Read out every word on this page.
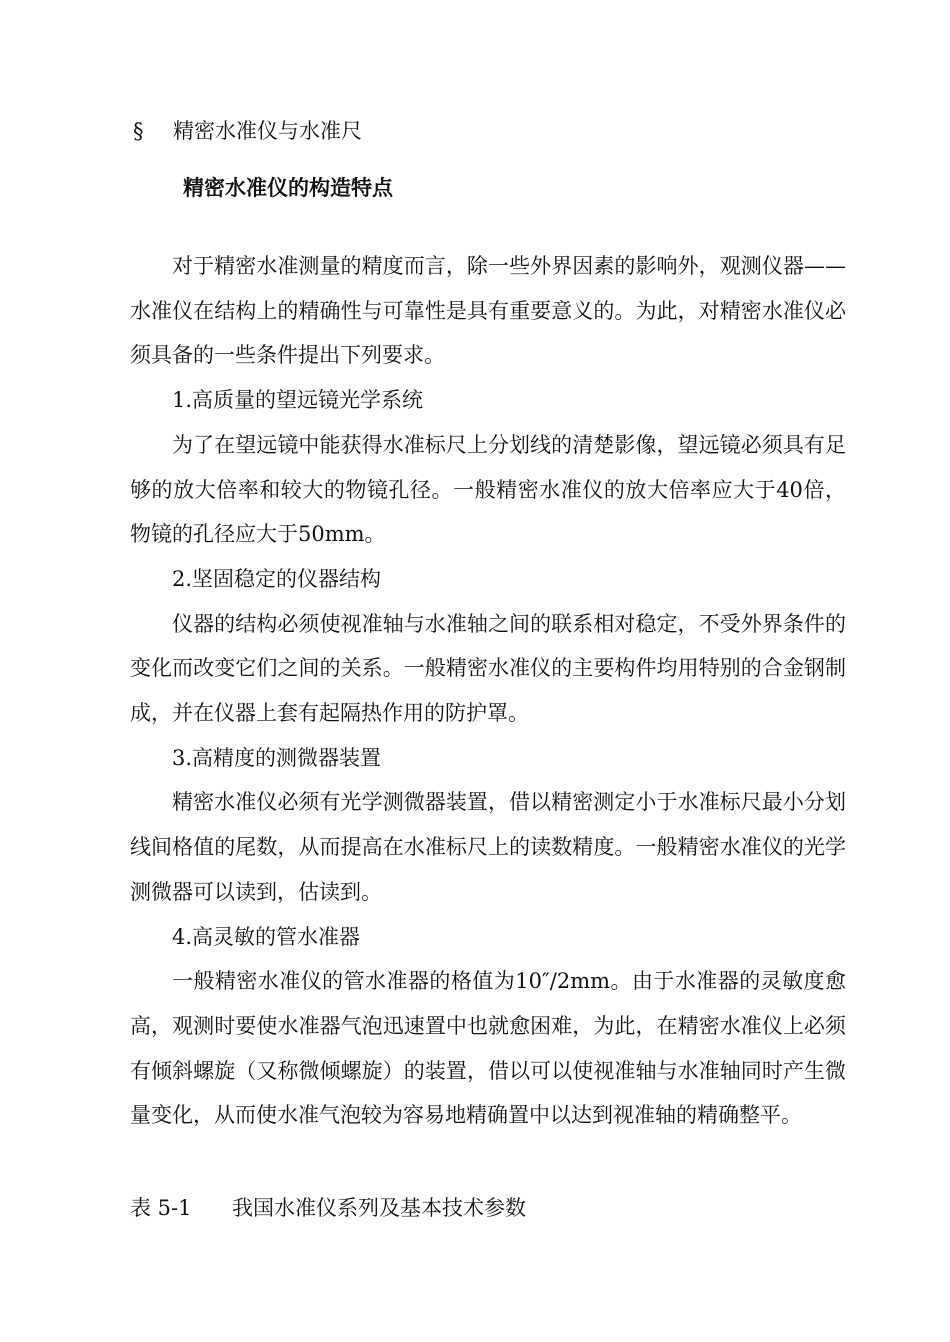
§ 精密水准仪与水准尺
精密水准仪的构造特点

对于精密水准测量的精度而言，除一些外界因素的影响外，观测仪器——水准仪在结构上的精确性与可靠性是具有重要意义的。为此，对精密水准仪必须具备的一些条件提出下列要求。

1.高质量的望远镜光学系统

为了在望远镜中能获得水准标尺上分划线的清楚影像，望远镜必须具有足够的放大倍率和较大的物镜孔径。一般精密水准仪的放大倍率应大于40倍，物镜的孔径应大于50mm。

2.坚固稳定的仪器结构

仪器的结构必须使视准轴与水准轴之间的联系相对稳定，不受外界条件的变化而改变它们之间的关系。一般精密水准仪的主要构件均用特别的合金钢制成，并在仪器上套有起隔热作用的防护罩。

3.高精度的测微器装置

精密水准仪必须有光学测微器装置，借以精密测定小于水准标尺最小分划线间格值的尾数，从而提高在水准标尺上的读数精度。一般精密水准仪的光学测微器可以读到，估读到。

4.高灵敏的管水准器

一般精密水准仪的管水准器的格值为10″/2mm。由于水准器的灵敏度愈高，观测时要使水准器气泡迅速置中也就愈困难，为此，在精密水准仪上必须有倾斜螺旋（又称微倾螺旋）的装置，借以可以使视准轴与水准轴同时产生微量变化，从而使水准气泡较为容易地精确置中以达到视准轴的精确整平。

表 5-1 我国水准仪系列及基本技术参数
